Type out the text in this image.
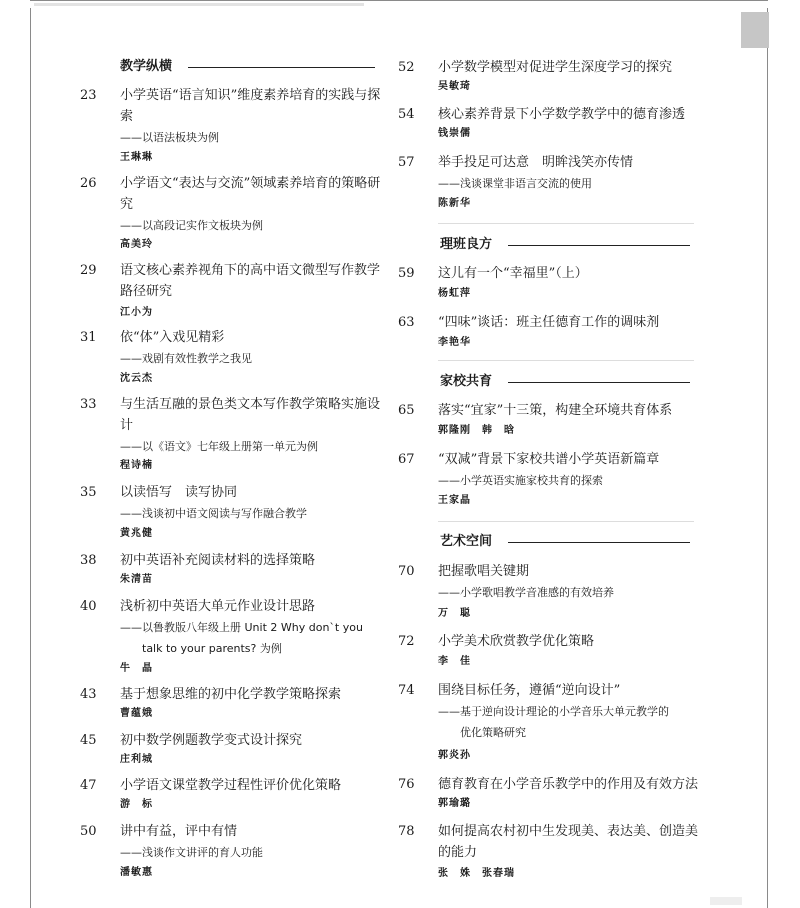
教学纵横
23	小学英语“语言知识”维度素养培育的实践与探索
——以语法板块为例
王琳琳
26	小学语文“表达与交流”领域素养培育的策略研究
——以高段记实作文板块为例
高美玲
29	语文核心素养视角下的高中语文微型写作教学路径研究
江小为
31	依“体”入戏见精彩
——戏剧有效性教学之我见
沈云杰
33	与生活互融的景色类文本写作教学策略实施设计
——以《语文》七年级上册第一单元为例
程诗楠
35	以读悟写　读写协同
——浅谈初中语文阅读与写作融合教学
黄兆健
38	初中英语补充阅读材料的选择策略
朱清苗
40	浅析初中英语大单元作业设计思路
——以鲁教版八年级上册 Unit 2 Why don`t you
talk to your parents? 为例
牛　晶
43	基于想象思维的初中化学教学策略探索
曹蕴娥
45	初中数学例题教学变式设计探究
庄利城
47	小学语文课堂教学过程性评价优化策略
游　标
50	讲中有益，评中有情
——浅谈作文讲评的育人功能
潘敏惠
52	小学数学模型对促进学生深度学习的探究
吴敏琦
54	核心素养背景下小学数学教学中的德育渗透
钱崇儒
57	举手投足可达意　明眸浅笑亦传情
——浅谈课堂非语言交流的使用
陈新华
理班良方
59	这儿有一个“幸福里”（上）
杨虹萍
63	“四味”谈话：班主任德育工作的调味剂
李艳华
家校共育
65	落实“宜家”十三策，构建全环境共育体系
郭隆刚　韩　晗
67	“双减”背景下家校共谱小学英语新篇章
——小学英语实施家校共育的探索
王家晶
艺术空间
70	把握歌唱关键期
——小学歌唱教学音准感的有效培养
万　聪
72	小学美术欣赏教学优化策略
李　佳
74	围绕目标任务，遵循“逆向设计”
——基于逆向设计理论的小学音乐大单元教学的
优化策略研究
郭炎孙
76	德育教育在小学音乐教学中的作用及有效方法
郭瑜璐
78	如何提高农村初中生发现美、表达美、创造美的能力
张　姝　张春瑞
